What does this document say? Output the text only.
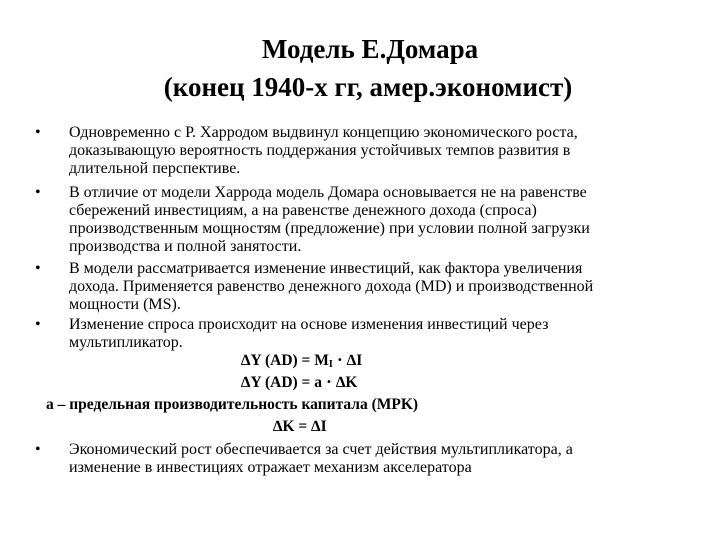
Модель Е.Домара
(конец 1940-х гг, амер.экономист)
•	Одновременно с Р. Харродом выдвинул концепцию экономического роста,
доказывающую вероятность поддержания устойчивых темпов развития в
длительной перспективе.
•	В отличие от модели Харрода модель Домара основывается не на равенстве
сбережений инвестициям, а на равенстве денежного дохода (спроса)
производственным мощностям (предложение) при условии полной загрузки
производства и полной занятости.
•	В модели рассматривается изменение инвестиций, как фактора увеличения
дохода. Применяется равенство денежного дохода (MD) и производственной
мощности (MS).
•	Изменение спроса происходит на основе изменения инвестиций через
мультипликатор.
∆Y $(AD) = M_I \cdot \Delta I$
∆Y (AD) = a ⋅ ∆K
a – предельная производительность капитала (MPK)
∆K = ∆I
•	Экономический рост обеспечивается за счет действия мультипликатора, а
изменение в инвестициях отражает механизм акселератора
